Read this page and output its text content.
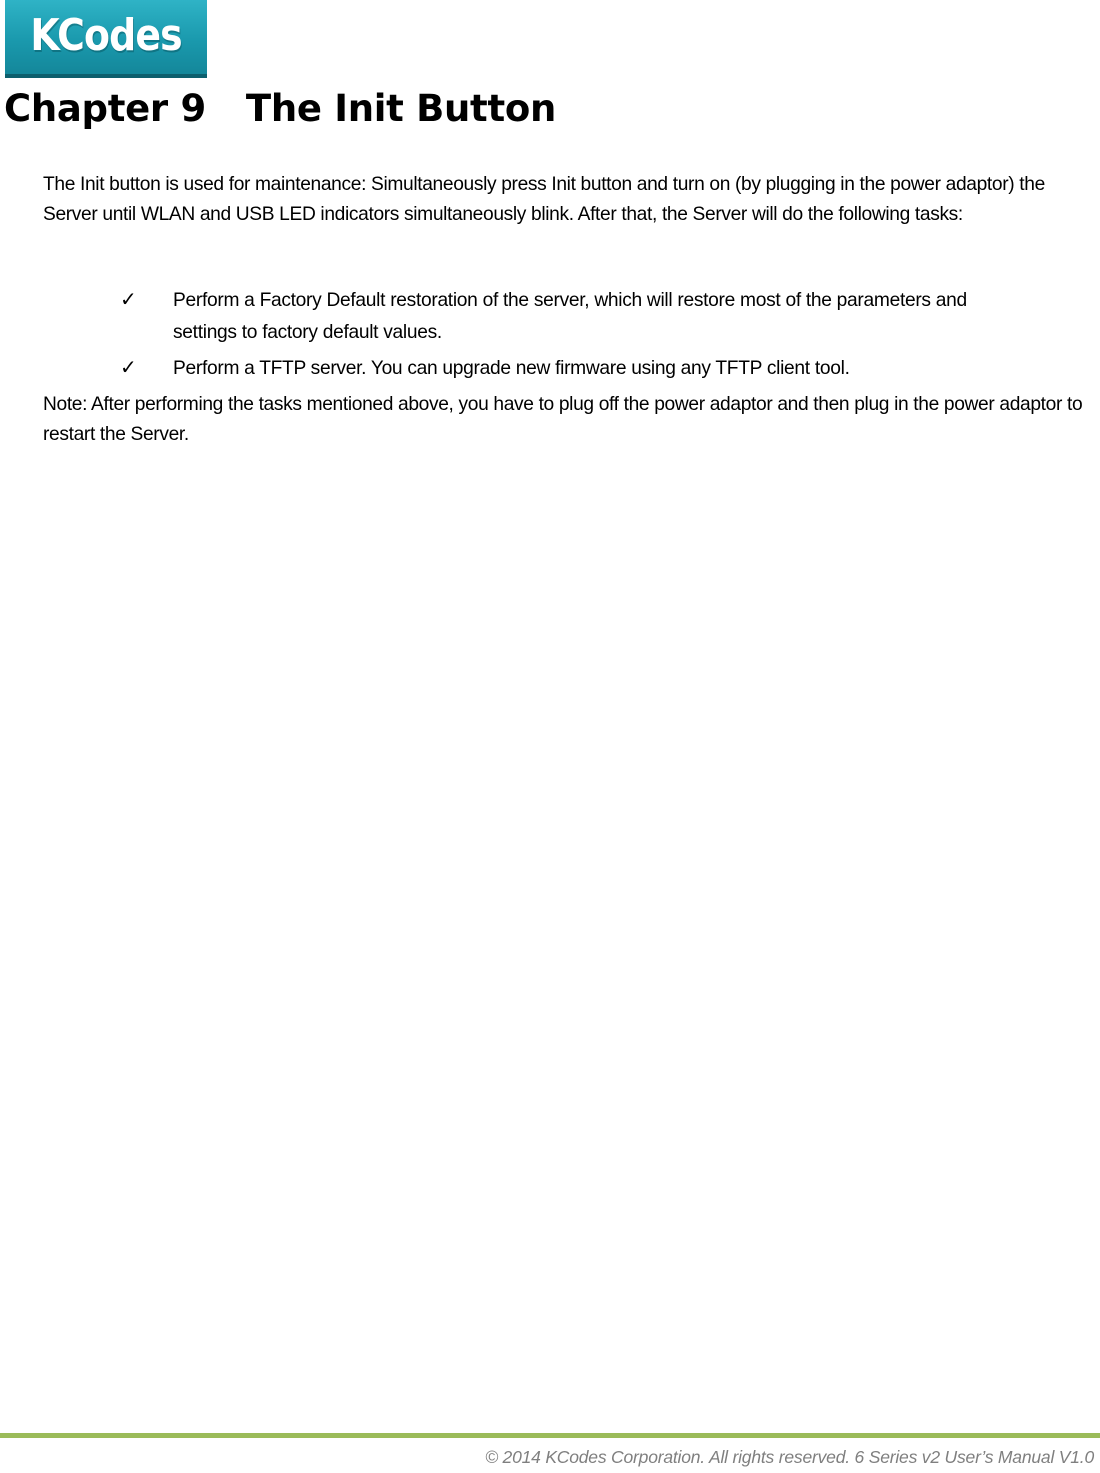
KCodes
Chapter 9 The Init Button

The Init button is used for maintenance: Simultaneously press Init button and turn on (by plugging in the power adaptor) the Server until WLAN and USB LED indicators simultaneously blink. After that, the Server will do the following tasks:

✓	Perform a Factory Default restoration of the server, which will restore most of the parameters and settings to factory default values.
✓	Perform a TFTP server. You can upgrade new firmware using any TFTP client tool.

Note: After performing the tasks mentioned above, you have to plug off the power adaptor and then plug in the power adaptor to restart the Server.

© 2014 KCodes Corporation. All rights reserved. 6 Series v2 User’s Manual V1.0
